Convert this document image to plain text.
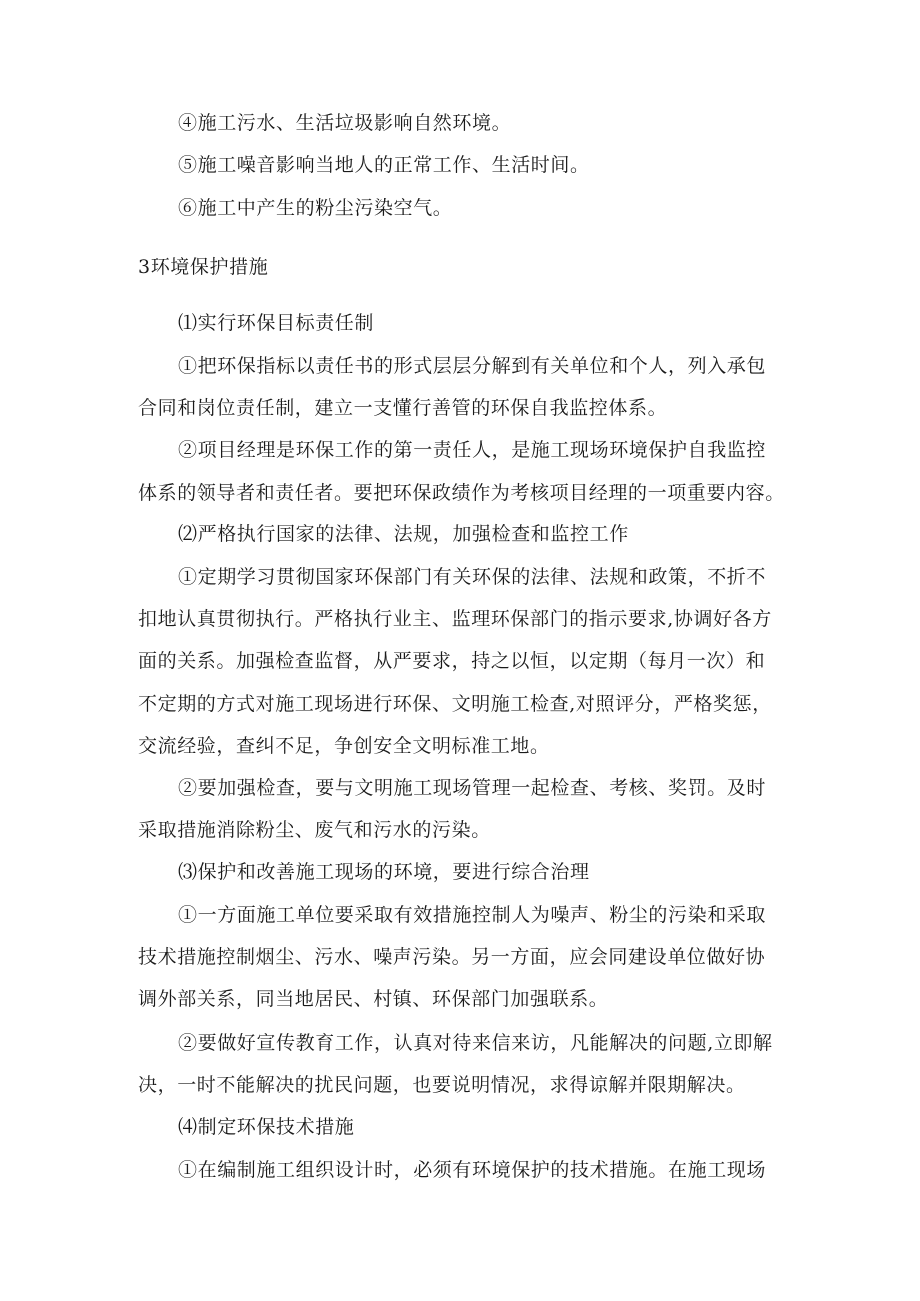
④施工污水、生活垃圾影响自然环境。
⑤施工噪音影响当地人的正常工作、生活时间。
⑥施工中产生的粉尘污染空气。
3环境保护措施
⑴实行环保目标责任制
①把环保指标以责任书的形式层层分解到有关单位和个人，列入承包
合同和岗位责任制，建立一支懂行善管的环保自我监控体系。
②项目经理是环保工作的第一责任人，是施工现场环境保护自我监控
体系的领导者和责任者。要把环保政绩作为考核项目经理的一项重要内容。
⑵严格执行国家的法律、法规，加强检查和监控工作
①定期学习贯彻国家环保部门有关环保的法律、法规和政策，不折不
扣地认真贯彻执行。严格执行业主、监理环保部门的指示要求,协调好各方
面的关系。加强检查监督，从严要求，持之以恒，以定期（每月一次）和
不定期的方式对施工现场进行环保、文明施工检查,对照评分，严格奖惩，
交流经验，查纠不足，争创安全文明标准工地。
②要加强检查，要与文明施工现场管理一起检查、考核、奖罚。及时
采取措施消除粉尘、废气和污水的污染。
⑶保护和改善施工现场的环境，要进行综合治理
①一方面施工单位要采取有效措施控制人为噪声、粉尘的污染和采取
技术措施控制烟尘、污水、噪声污染。另一方面，应会同建设单位做好协
调外部关系，同当地居民、村镇、环保部门加强联系。
②要做好宣传教育工作，认真对待来信来访，凡能解决的问题,立即解
决，一时不能解决的扰民问题，也要说明情况，求得谅解并限期解决。
⑷制定环保技术措施
①在编制施工组织设计时，必须有环境保护的技术措施。在施工现场
